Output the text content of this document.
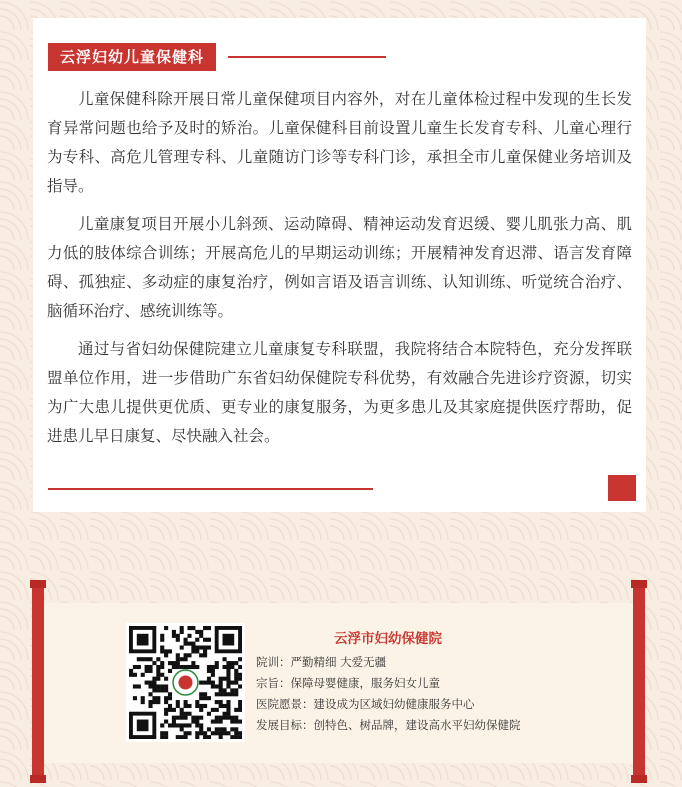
云浮妇幼儿童保健科

儿童保健科除开展日常儿童保健项目内容外，对在儿童体检过程中发现的生长发育异常问题也给予及时的矫治。儿童保健科目前设置儿童生长发育专科、儿童心理行为专科、高危儿管理专科、儿童随访门诊等专科门诊，承担全市儿童保健业务培训及指导。

儿童康复项目开展小儿斜颈、运动障碍、精神运动发育迟缓、婴儿肌张力高、肌力低的肢体综合训练；开展高危儿的早期运动训练；开展精神发育迟滞、语言发育障碍、孤独症、多动症的康复治疗，例如言语及语言训练、认知训练、听觉统合治疗、脑循环治疗、感统训练等。

通过与省妇幼保健院建立儿童康复专科联盟，我院将结合本院特色，充分发挥联盟单位作用，进一步借助广东省妇幼保健院专科优势，有效融合先进诊疗资源，切实为广大患儿提供更优质、更专业的康复服务，为更多患儿及其家庭提供医疗帮助，促进患儿早日康复、尽快融入社会。

云浮市妇幼保健院
院训：严勤精细 大爱无疆
宗旨：保障母婴健康，服务妇女儿童
医院愿景：建设成为区域妇幼健康服务中心
发展目标：创特色、树品牌，建设高水平妇幼保健院
